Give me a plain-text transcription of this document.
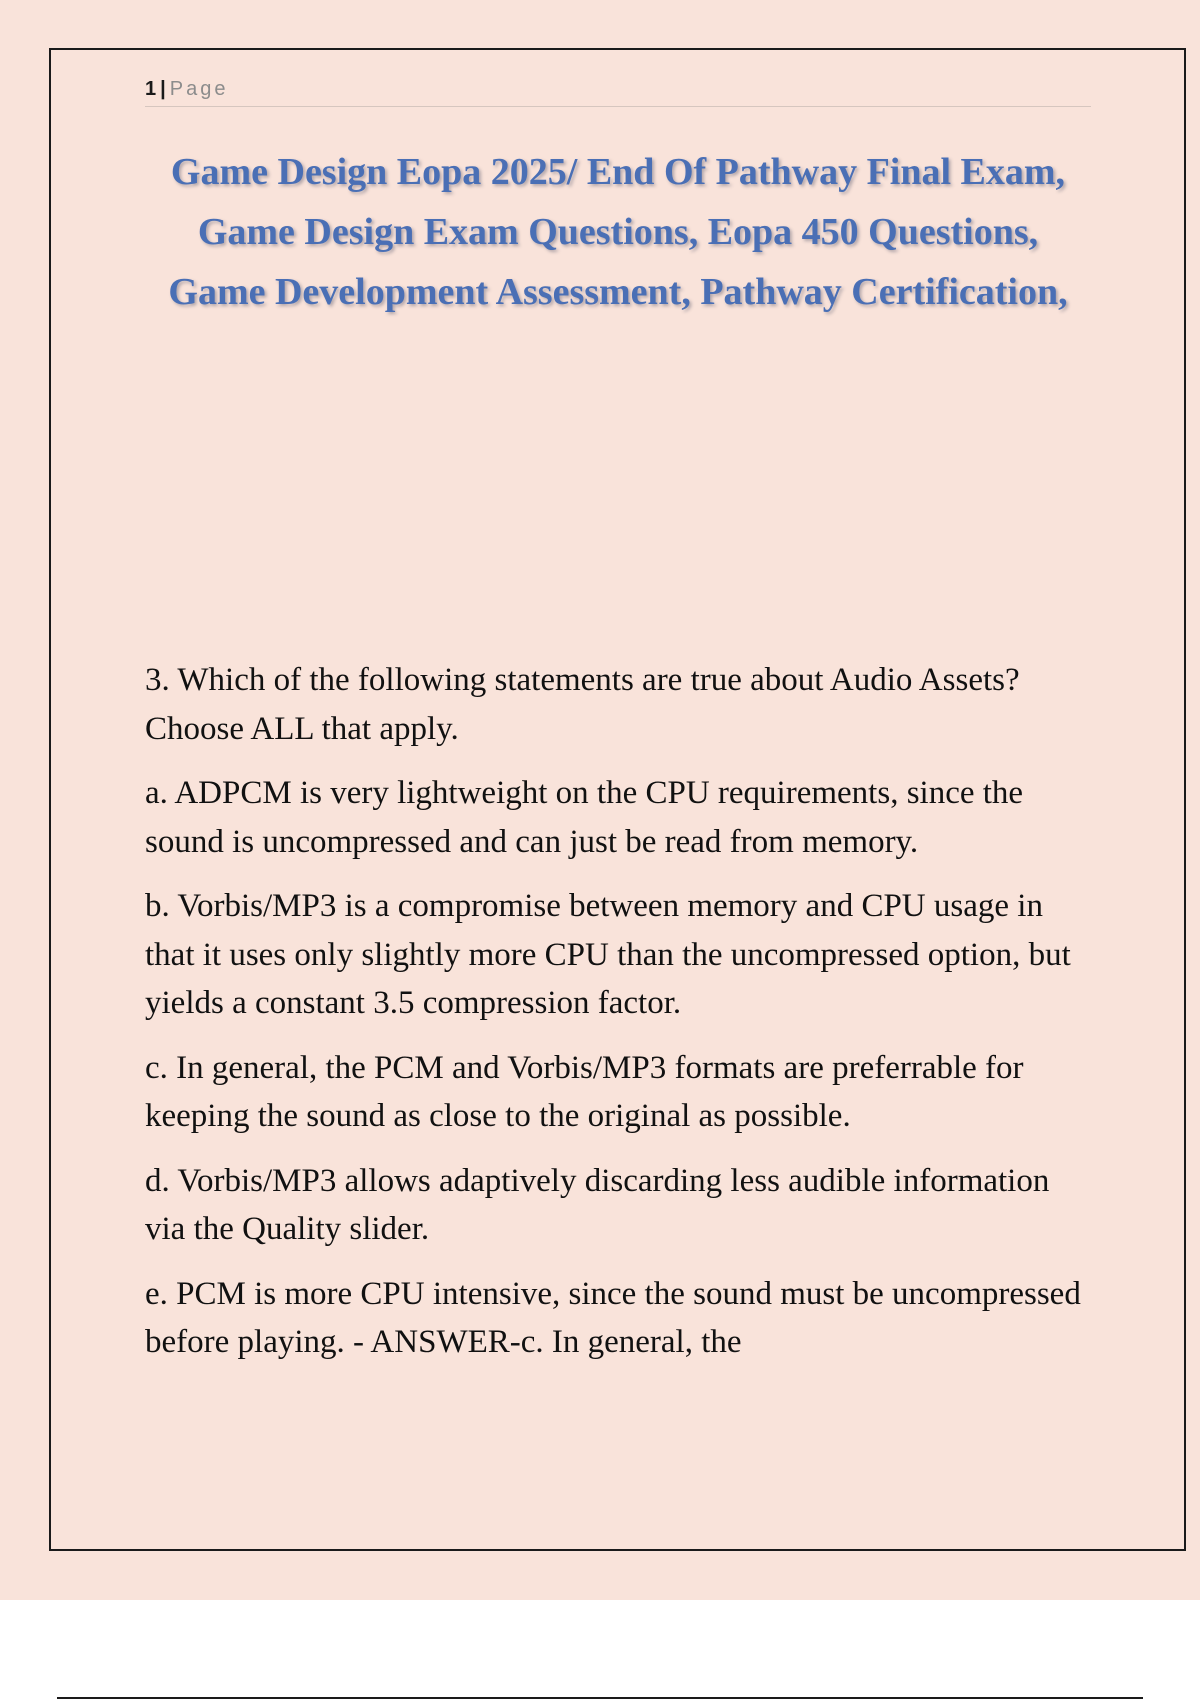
1 | Page
Game Design Eopa 2025/ End Of Pathway Final Exam, Game Design Exam Questions, Eopa 450 Questions, Game Development Assessment, Pathway Certification,

3. Which of the following statements are true about Audio Assets?Choose ALL that apply.

a. ADPCM is very lightweight on the CPU requirements, since the sound is uncompressed and can just be read from memory.

b. Vorbis/MP3 is a compromise between memory and CPU usage in that it uses only slightly more CPU than the uncompressed option, but yields a constant 3.5 compression factor.

c. In general, the PCM and Vorbis/MP3 formats are preferrable for keeping the sound as close to the original as possible.

d. Vorbis/MP3 allows adaptively discarding less audible information via the Quality slider.

e. PCM is more CPU intensive, since the sound must be uncompressed before playing. - ANSWER-c. In general, the
